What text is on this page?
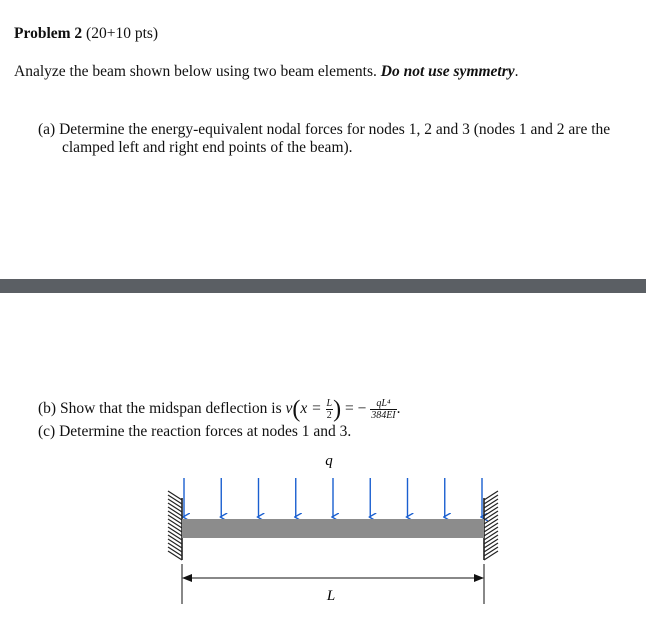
Problem 2 (20+10 pts)
Analyze the beam shown below using two beam elements. Do not use symmetry.
(a) Determine the energy-equivalent nodal forces for nodes 1, 2 and 3 (nodes 1 and 2 are the
clamped left and right end points of the beam).
(b) Show that the midspan deflection is $v(x = \frac{L}{2}$ ) = − $\frac{\text{qL⁴}}{384EI}$ .
(c) Determine the reaction forces at nodes 1 and 3.
q
L
